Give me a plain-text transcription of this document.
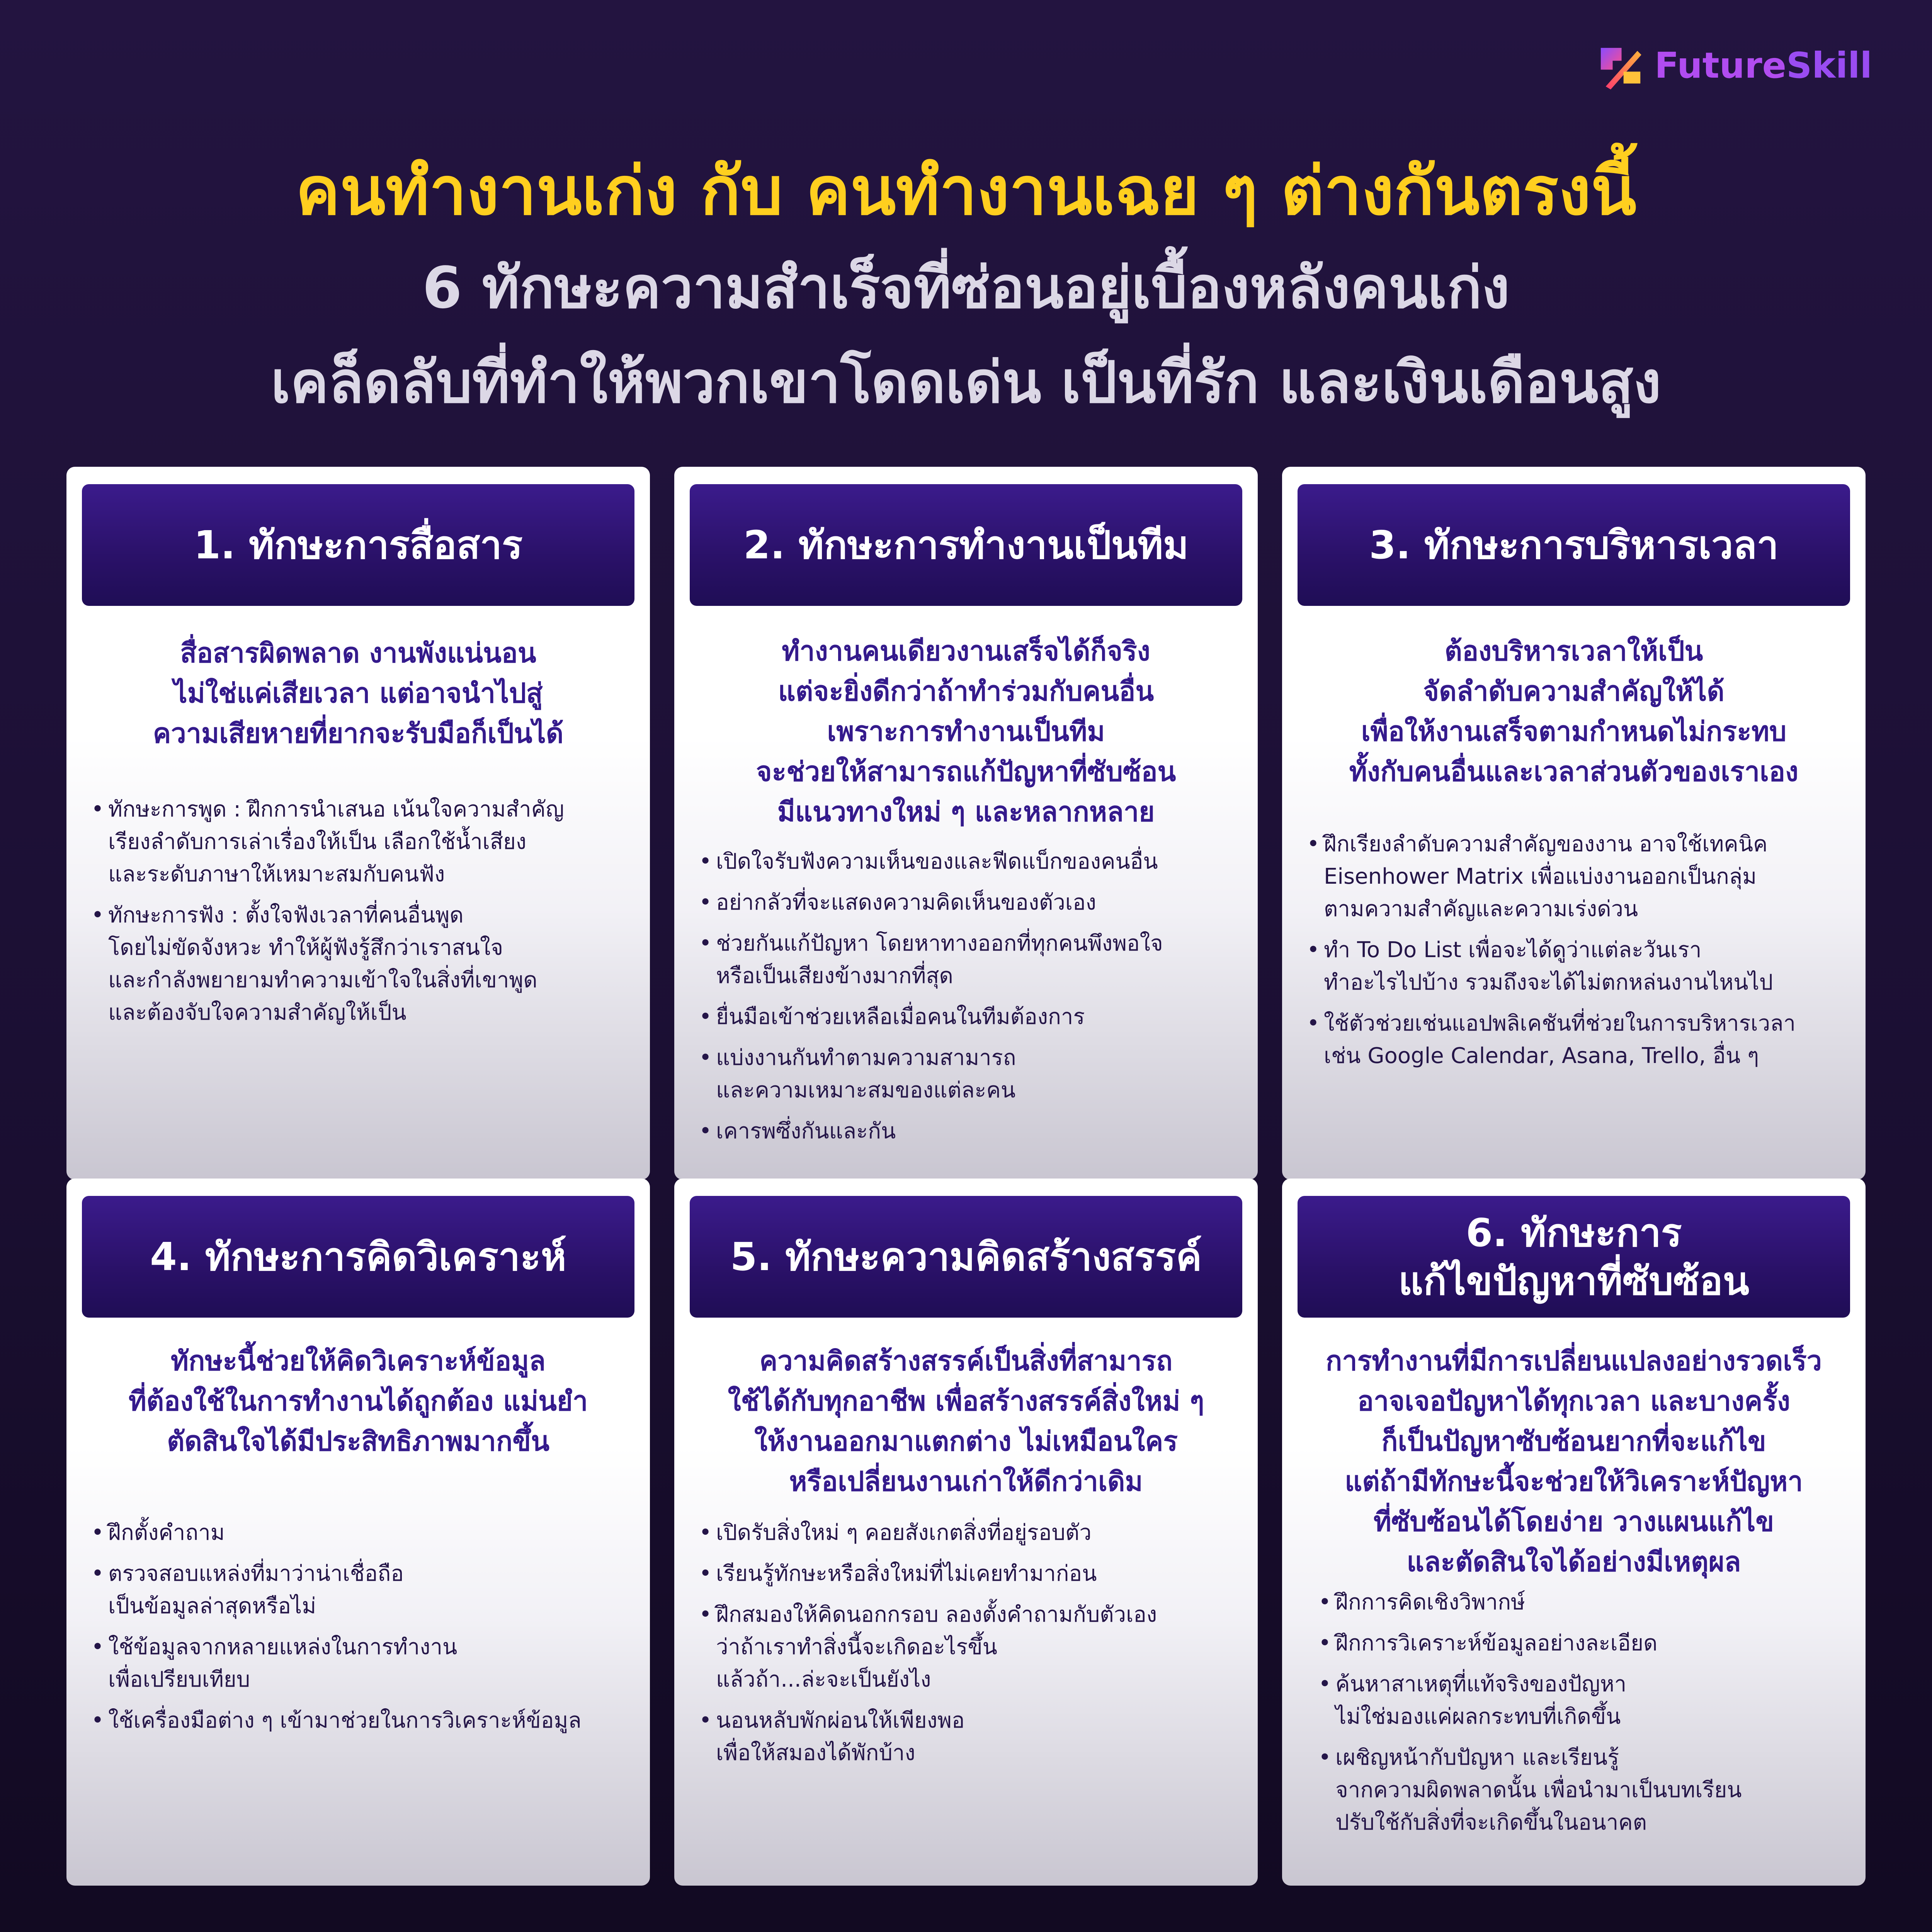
FutureSkill
คนทำงานเก่ง กับ คนทำงานเฉย ๆ ต่างกันตรงนี้
6 ทักษะความสำเร็จที่ซ่อนอยู่เบื้องหลังคนเก่ง
เคล็ดลับที่ทำให้พวกเขาโดดเด่น เป็นที่รัก และเงินเดือนสูง
1. ทักษะการสื่อสาร
สื่อสารผิดพลาด งานพังแน่นอน
ไม่ใช่แค่เสียเวลา แต่อาจนำไปสู่
ความเสียหายที่ยากจะรับมือก็เป็นได้
• ทักษะการพูด : ฝึกการนำเสนอ เน้นใจความสำคัญ
เรียงลำดับการเล่าเรื่องให้เป็น เลือกใช้น้ำเสียง
และระดับภาษาให้เหมาะสมกับคนฟัง
• ทักษะการฟัง : ตั้งใจฟังเวลาที่คนอื่นพูด
โดยไม่ขัดจังหวะ ทำให้ผู้ฟังรู้สึกว่าเราสนใจ
และกำลังพยายามทำความเข้าใจในสิ่งที่เขาพูด
และต้องจับใจความสำคัญให้เป็น
2. ทักษะการทำงานเป็นทีม
ทำงานคนเดียวงานเสร็จได้ก็จริง
แต่จะยิ่งดีกว่าถ้าทำร่วมกับคนอื่น
เพราะการทำงานเป็นทีม
จะช่วยให้สามารถแก้ปัญหาที่ซับซ้อน
มีแนวทางใหม่ ๆ และหลากหลาย
• เปิดใจรับฟังความเห็นของและฟีดแบ็กของคนอื่น
• อย่ากลัวที่จะแสดงความคิดเห็นของตัวเอง
• ช่วยกันแก้ปัญหา โดยหาทางออกที่ทุกคนพึงพอใจ
หรือเป็นเสียงข้างมากที่สุด
• ยื่นมือเข้าช่วยเหลือเมื่อคนในทีมต้องการ
• แบ่งงานกันทำตามความสามารถ
และความเหมาะสมของแต่ละคน
• เคารพซึ่งกันและกัน
3. ทักษะการบริหารเวลา
ต้องบริหารเวลาให้เป็น
จัดลำดับความสำคัญให้ได้
เพื่อให้งานเสร็จตามกำหนดไม่กระทบ
ทั้งกับคนอื่นและเวลาส่วนตัวของเราเอง
• ฝึกเรียงลำดับความสำคัญของงาน อาจใช้เทคนิค
Eisenhower Matrix เพื่อแบ่งงานออกเป็นกลุ่ม
ตามความสำคัญและความเร่งด่วน
• ทำ To Do List เพื่อจะได้ดูว่าแต่ละวันเรา
ทำอะไรไปบ้าง รวมถึงจะได้ไม่ตกหล่นงานไหนไป
• ใช้ตัวช่วยเช่นแอปพลิเคชันที่ช่วยในการบริหารเวลา
เช่น Google Calendar, Asana, Trello, อื่น ๆ
4. ทักษะการคิดวิเคราะห์
ทักษะนี้ช่วยให้คิดวิเคราะห์ข้อมูล
ที่ต้องใช้ในการทำงานได้ถูกต้อง แม่นยำ
ตัดสินใจได้มีประสิทธิภาพมากขึ้น
• ฝึกตั้งคำถาม
• ตรวจสอบแหล่งที่มาว่าน่าเชื่อถือ
เป็นข้อมูลล่าสุดหรือไม่
• ใช้ข้อมูลจากหลายแหล่งในการทำงาน
เพื่อเปรียบเทียบ
• ใช้เครื่องมือต่าง ๆ เข้ามาช่วยในการวิเคราะห์ข้อมูล
5. ทักษะความคิดสร้างสรรค์
ความคิดสร้างสรรค์เป็นสิ่งที่สามารถ
ใช้ได้กับทุกอาชีพ เพื่อสร้างสรรค์สิ่งใหม่ ๆ
ให้งานออกมาแตกต่าง ไม่เหมือนใคร
หรือเปลี่ยนงานเก่าให้ดีกว่าเดิม
• เปิดรับสิ่งใหม่ ๆ คอยสังเกตสิ่งที่อยู่รอบตัว
• เรียนรู้ทักษะหรือสิ่งใหม่ที่ไม่เคยทำมาก่อน
• ฝึกสมองให้คิดนอกกรอบ ลองตั้งคำถามกับตัวเอง
ว่าถ้าเราทำสิ่งนี้จะเกิดอะไรขึ้น
แล้วถ้า...ล่ะจะเป็นยังไง
• นอนหลับพักผ่อนให้เพียงพอ
เพื่อให้สมองได้พักบ้าง
6. ทักษะการ
แก้ไขปัญหาที่ซับซ้อน
การทำงานที่มีการเปลี่ยนแปลงอย่างรวดเร็ว
อาจเจอปัญหาได้ทุกเวลา และบางครั้ง
ก็เป็นปัญหาซับซ้อนยากที่จะแก้ไข
แต่ถ้ามีทักษะนี้จะช่วยให้วิเคราะห์ปัญหา
ที่ซับซ้อนได้โดยง่าย วางแผนแก้ไข
และตัดสินใจได้อย่างมีเหตุผล
• ฝึกการคิดเชิงวิพากษ์
• ฝึกการวิเคราะห์ข้อมูลอย่างละเอียด
• ค้นหาสาเหตุที่แท้จริงของปัญหา
ไม่ใช่มองแค่ผลกระทบที่เกิดขึ้น
• เผชิญหน้ากับปัญหา และเรียนรู้
จากความผิดพลาดนั้น เพื่อนำมาเป็นบทเรียน
ปรับใช้กับสิ่งที่จะเกิดขึ้นในอนาคต
